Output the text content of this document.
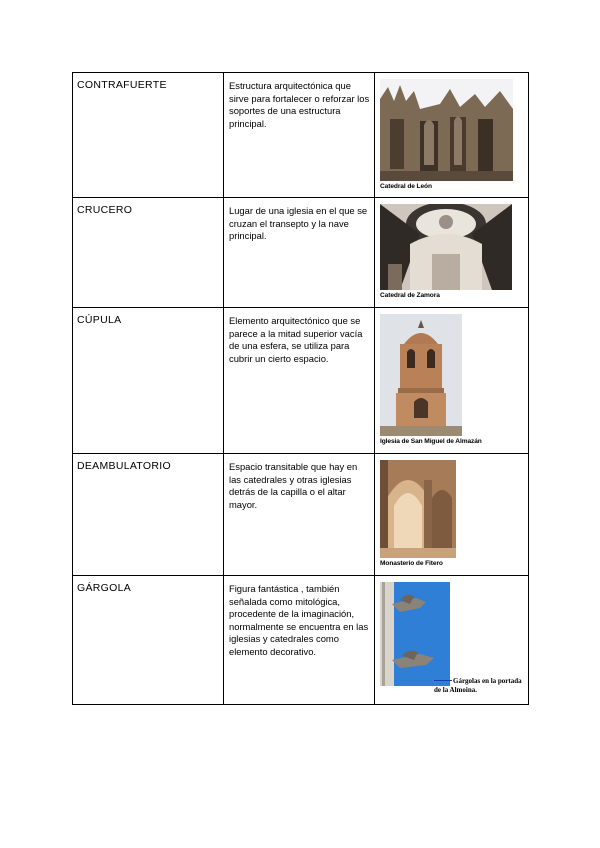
CONTRAFUERTE	Estructura arquitectónica que sirve para fortalecer o reforzar los soportes de una estructura principal.	Catedral de León

CRUCERO	Lugar de una iglesia en el que se cruzan el transepto y la nave principal.	Catedral de Zamora

CÚPULA	Elemento arquitectónico que se parece a la mitad superior vacía de una esfera, se utiliza para cubrir un cierto espacio.	Iglesia de San Miguel de Almazán

DEAMBULATORIO	Espacio transitable que hay en las catedrales y otras iglesias detrás de la capilla o el altar mayor.	Monasterio de Fitero

GÁRGOLA	Figura fantástica , también señalada como mitológica, procedente de la imaginación, normalmente se encuentra en las iglesias y catedrales como elemento decorativo.	Gárgolas en la portada de la Almoina.
